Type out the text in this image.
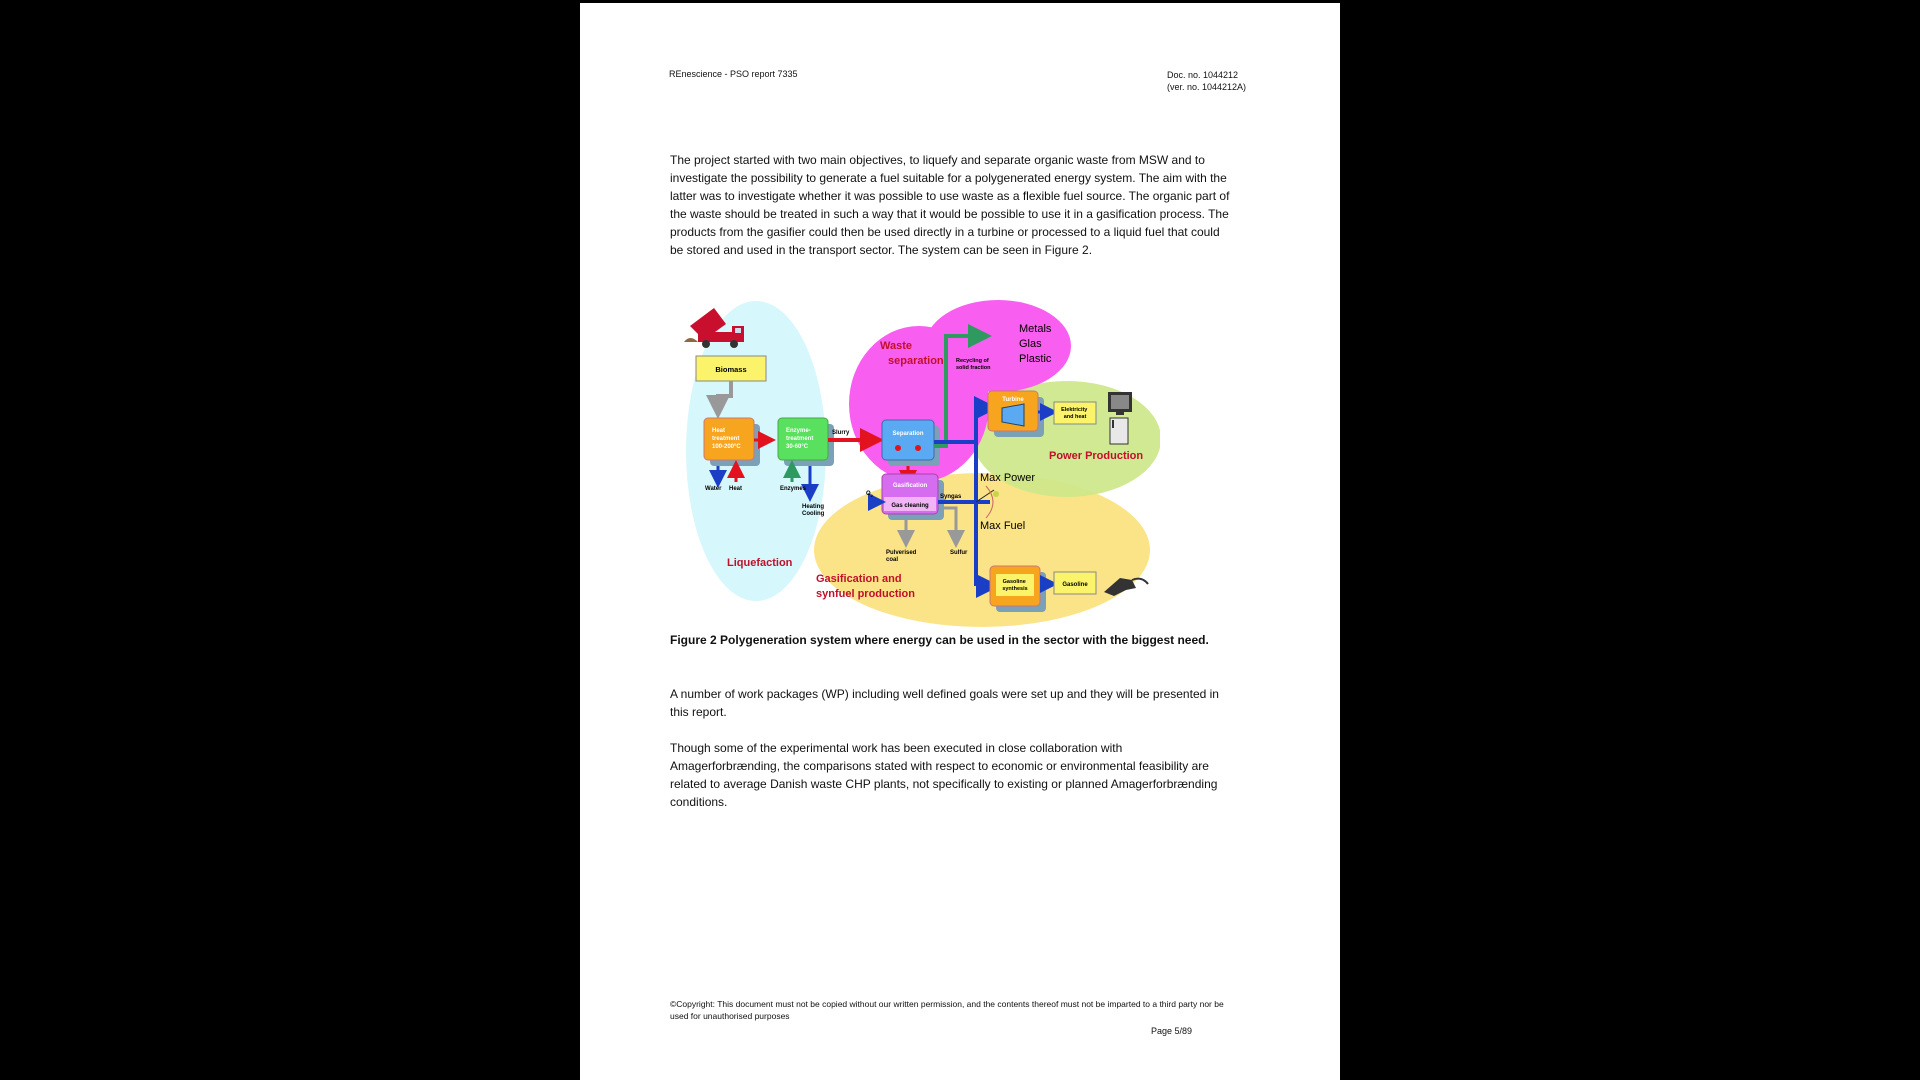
REnescience - PSO report 7335	Doc. no. 1044212
(ver. no. 1044212A)
The project started with two main objectives, to liquefy and separate organic waste from MSW and to investigate the possibility to generate a fuel suitable for a polygenerated energy system. The aim with the latter was to investigate whether it was possible to use waste as a flexible fuel source. The organic part of the waste should be treated in such a way that it would be possible to use it in a gasification process. The products from the gasifier could then be used directly in a turbine or processed to a liquid fuel that could be stored and used in the transport sector. The system can be seen in Figure 2.
Biomass
Heat treatment 100-200°C
Enzyme- treatment 30-60°C
Slurry
Water Heat	Enzymes
Heating Cooling
Separation
Recycling of solid fraction
Metals
Glas
Plastic
Waste separation
Gasification
Gas cleaning
$O_2$
Pulverised coal
Sulfur
Syngas
Max Power
Max Fuel
Turbine
Elektricity and heat
Power Production
Gasoline synthesis
Gasoline
Liquefaction
Gasification and synfuel production
Figure 2 Polygeneration system where energy can be used in the sector with the biggest need.
A number of work packages (WP) including well defined goals were set up and they will be presented in this report.
Though some of the experimental work has been executed in close collaboration with Amagerforbrænding, the comparisons stated with respect to economic or environmental feasibility are related to average Danish waste CHP plants, not specifically to existing or planned Amagerforbrænding conditions.
©Copyright: This document must not be copied without our written permission, and the contents thereof must not be imparted to a third party nor be used for unauthorised purposes
Page 5/89
